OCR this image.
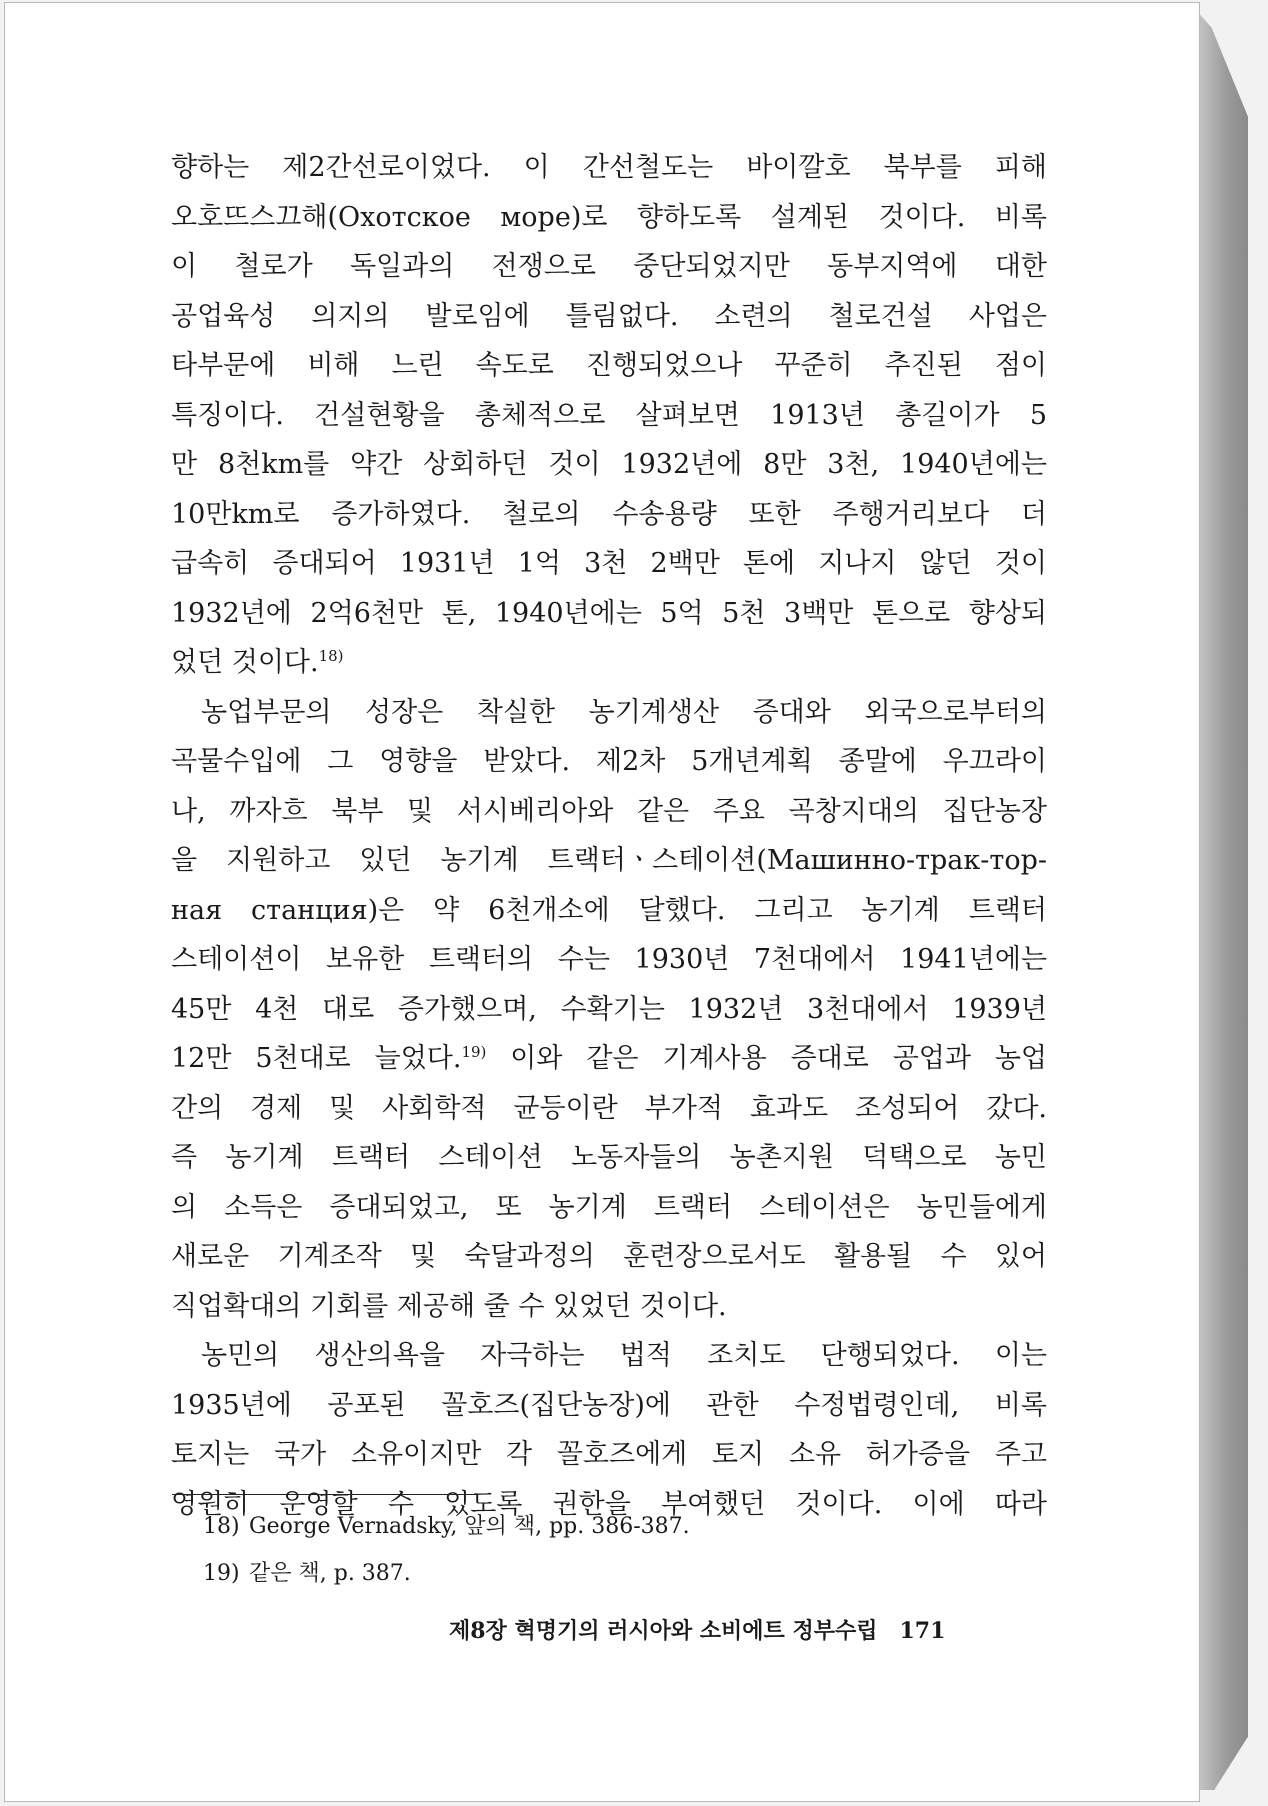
향하는 제2간선로이었다. 이 간선철도는 바이깔호 북부를 피해
오호뜨스끄해(Охотское море)로 향하도록 설계된 것이다. 비록
이 철로가 독일과의 전쟁으로 중단되었지만 동부지역에 대한
공업육성 의지의 발로임에 틀림없다. 소련의 철로건설 사업은
타부문에 비해 느린 속도로 진행되었으나 꾸준히 추진된 점이
특징이다. 건설현황을 총체적으로 살펴보면 1913년 총길이가 5
만 8천km를 약간 상회하던 것이 1932년에 8만 3천, 1940년에는
10만km로 증가하였다. 철로의 수송용량 또한 주행거리보다 더
급속히 증대되어 1931년 1억 3천 2백만 톤에 지나지 않던 것이
1932년에 2억6천만 톤, 1940년에는 5억 5천 3백만 톤으로 향상되
었던 것이다.$^{18)}$
농업부문의 성장은 착실한 농기계생산 증대와 외국으로부터의
곡물수입에 그 영향을 받았다. 제2차 5개년계획 종말에 우끄라이
나, 까자흐 북부 및 서시베리아와 같은 주요 곡창지대의 집단농장
을 지원하고 있던 농기계 트랙터ㆍ스테이션(Машинно-трак-тор-
ная станция)은 약 6천개소에 달했다. 그리고 농기계 트랙터
스테이션이 보유한 트랙터의 수는 1930년 7천대에서 1941년에는
45만 4천 대로 증가했으며, 수확기는 1932년 3천대에서 1939년
12만 5천대로 늘었다.$^{19)}$ 이와 같은 기계사용 증대로 공업과 농업
간의 경제 및 사회학적 균등이란 부가적 효과도 조성되어 갔다.
즉 농기계 트랙터 스테이션 노동자들의 농촌지원 덕택으로 농민
의 소득은 증대되었고, 또 농기계 트랙터 스테이션은 농민들에게
새로운 기계조작 및 숙달과정의 훈련장으로서도 활용될 수 있어
직업확대의 기회를 제공해 줄 수 있었던 것이다.
농민의 생산의욕을 자극하는 법적 조치도 단행되었다. 이는
1935년에 공포된 꼴호즈(집단농장)에 관한 수정법령인데, 비록
토지는 국가 소유이지만 각 꼴호즈에게 토지 소유 허가증을 주고
영원히 운영할 수 있도록 권한을 부여했던 것이다. 이에 따라
18) George Vernadsky, 앞의 책, pp. 386-387.
19) 같은 책, p. 387.
제8장 혁명기의 러시아와 소비에트 정부수립 171
